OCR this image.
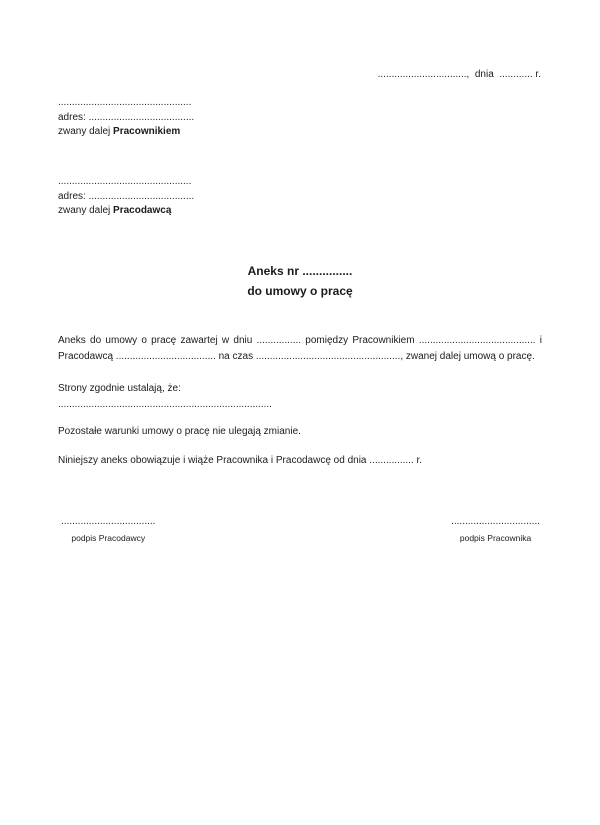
................................,  dnia  ............ r.
................................................
adres: ......................................
zwany dalej Pracownikiem
................................................
adres: ......................................
zwany dalej Pracodawcą
Aneks nr ...............
do umowy o pracę
Aneks do umowy o pracę zawartej w dniu ................ pomiędzy Pracownikiem .......................................... i
Pracodawcą .................................... na czas ...................................................., zwanej dalej umową o pracę.
Strony zgodnie ustalają, że:
.............................................................................
Pozostałe warunki umowy o pracę nie ulegają zmianie.
Niniejszy aneks obowiązuje i wiąże Pracownika i Pracodawcę od dnia ................ r.
..................................
podpis Pracodawcy
................................
podpis Pracownika
